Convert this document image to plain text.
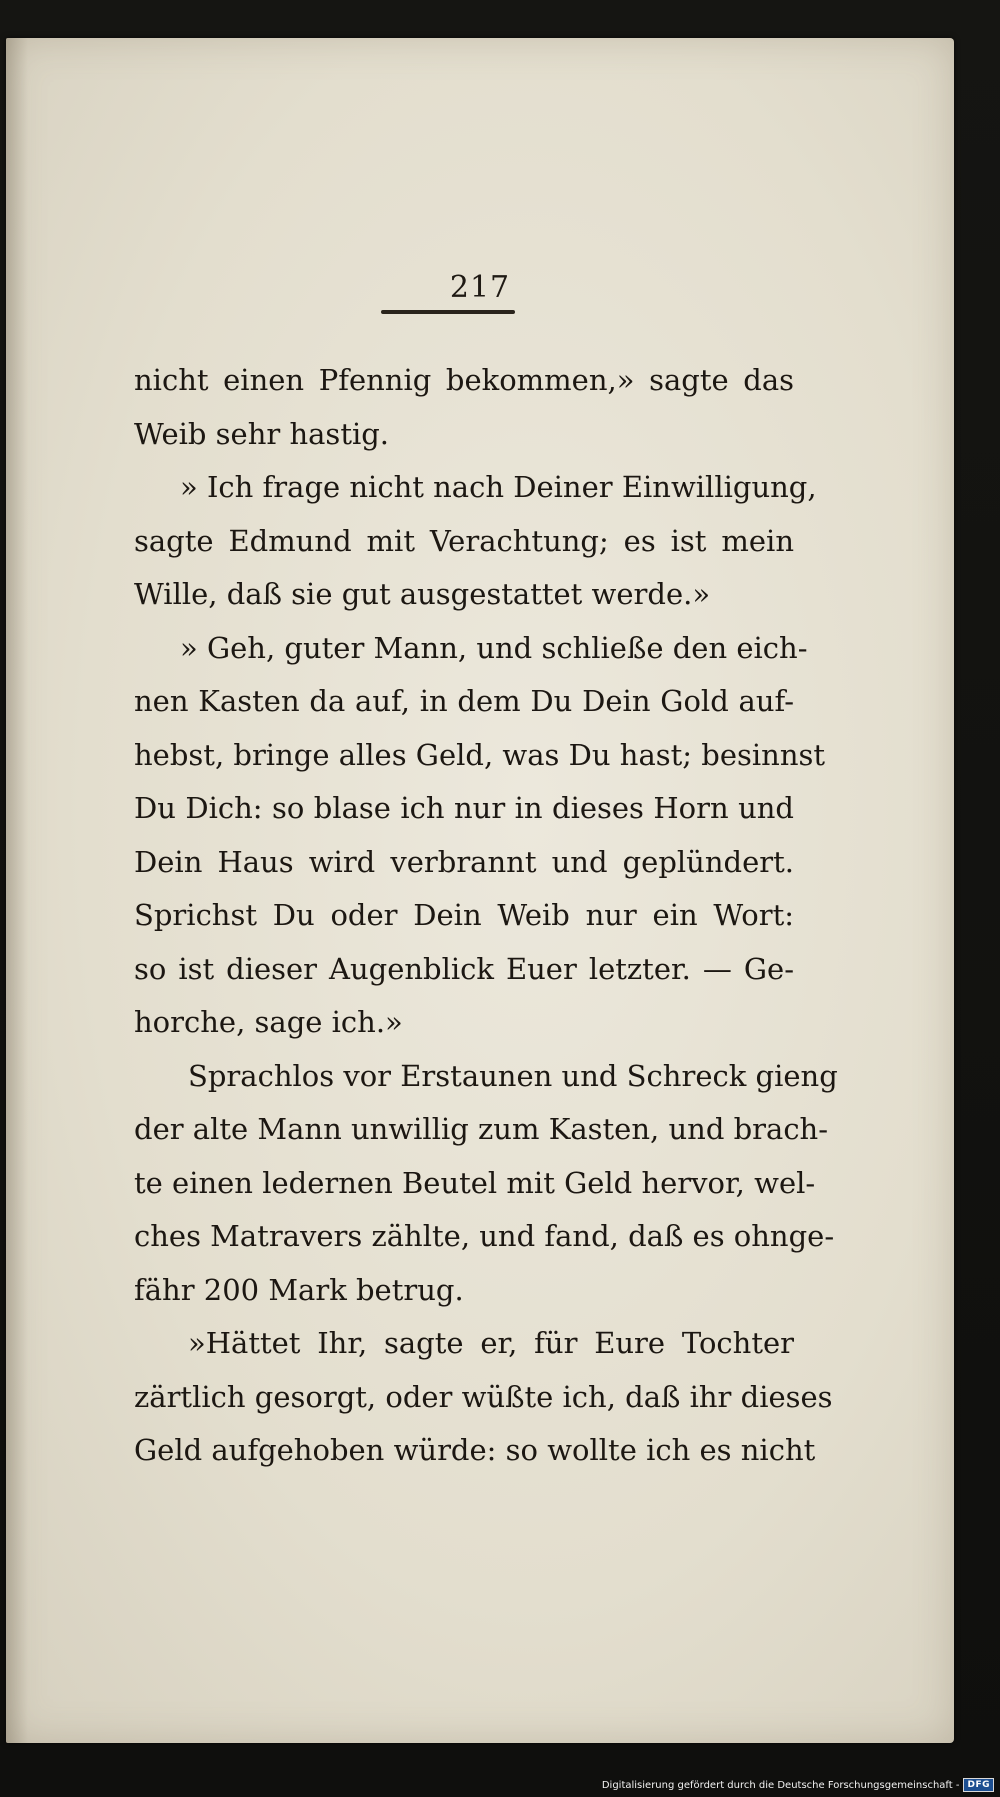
217
nicht einen Pfennig bekommen,» sagte das
Weib sehr hastig.
» Ich frage nicht nach Deiner Einwilligung,
sagte Edmund mit Verachtung; es ist mein
Wille, daß sie gut ausgestattet werde.»
» Geh, guter Mann, und schließe den eich-
nen Kasten da auf, in dem Du Dein Gold auf-
hebst, bringe alles Geld, was Du hast; besinnst
Du Dich: so blase ich nur in dieses Horn und
Dein Haus wird verbrannt und geplündert.
Sprichst Du oder Dein Weib nur ein Wort:
so ist dieser Augenblick Euer letzter. — Ge-
horche, sage ich.»
Sprachlos vor Erstaunen und Schreck gieng
der alte Mann unwillig zum Kasten, und brach-
te einen ledernen Beutel mit Geld hervor, wel-
ches Matravers zählte, und fand, daß es ohnge-
fähr 200 Mark betrug.
»Hättet Ihr, sagte er, für Eure Tochter
zärtlich gesorgt, oder wüßte ich, daß ihr dieses
Geld aufgehoben würde: so wollte ich es nicht
Digitalisierung gefördert durch die Deutsche Forschungsgemeinschaft - DFG
